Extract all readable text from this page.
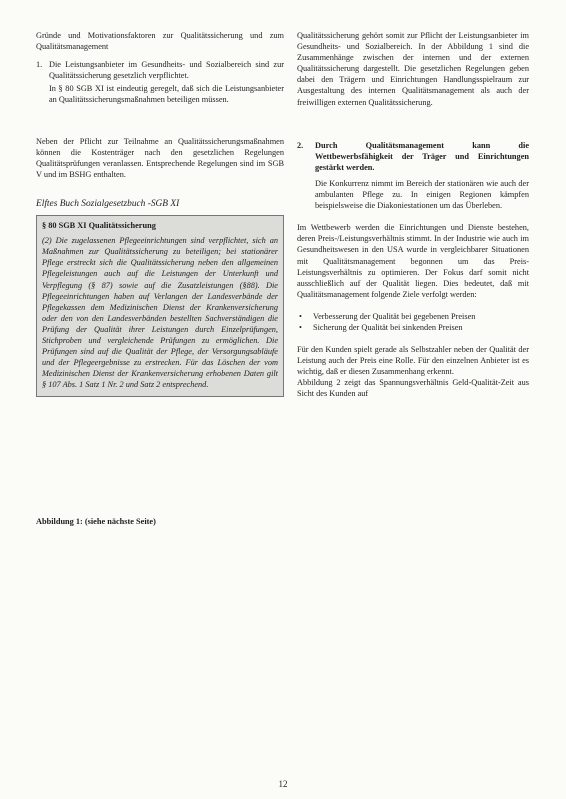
Gründe und Motivationsfaktoren zur Qualitätssicherung und zum Qualitätsmanagement

1. Die Leistungsanbieter im Gesundheits- und Sozialbereich sind zur Qualitätssicherung gesetzlich verpflichtet.

In § 80 SGB XI ist eindeutig geregelt, daß sich die Leistungsanbieter an Qualitätssicherungsmaßnahmen beteiligen müssen.

Neben der Pflicht zur Teilnahme an Qualitätssicherungsmaßnahmen können die Kostenträger nach den gesetzlichen Regelungen Qualitätsprüfungen veranlassen. Entsprechende Regelungen sind im SGB V und im BSHG enthalten.

Elftes Buch Sozialgesetzbuch -SGB XI
§ 80 SGB XI Qualitätssicherung

(2) Die zugelassenen Pflegeeinrichtungen sind verpflichtet, sich an Maßnahmen zur Qualitätssicherung zu beteiligen; bei stationärer Pflege erstreckt sich die Qualitätssicherung neben den allgemeinen Pflegeleistungen auch auf die Leistungen der Unterkunft und Verpflegung (§ 87) sowie auf die Zusatzleistungen (§88). Die Pflegeeinrichtungen haben auf Verlangen der Landesverbände der Pflegekassen dem Medizinischen Dienst der Krankenversicherung oder den von den Landesverbänden bestellten Sachverständigen die Prüfung der Qualität ihrer Leistungen durch Einzelprüfungen, Stichproben und vergleichende Prüfungen zu ermöglichen. Die Prüfungen sind auf die Qualität der Pflege, der Versorgungsabläufe und der Pflegeergebnisse zu erstrecken. Für das Löschen der vom Medizinischen Dienst der Krankenversicherung erhobenen Daten gilt § 107 Abs. 1 Satz 1 Nr. 2 und Satz 2 entsprechend.

Abbildung 1: (siehe nächste Seite)

Qualitätssicherung gehört somit zur Pflicht der Leistungsanbieter im Gesundheits- und Sozialbereich. In der Abbildung 1 sind die Zusammenhänge zwischen der internen und der externen Qualitätssicherung dargestellt. Die gesetzlichen Regelungen geben dabei den Trägern und Einrichtungen Handlungsspielraum zur Ausgestaltung des internen Qualitätsmanagement als auch der freiwilligen externen Qualitätssicherung.

2.	Durch Qualitätsmanagement kann die Wettbewerbsfähigkeit der Träger und Einrichtungen gestärkt werden.

Die Konkurrenz nimmt im Bereich der stationären wie auch der ambulanten Pflege zu. In einigen Regionen kämpfen beispielsweise die Diakoniestationen um das Überleben.

Im Wettbewerb werden die Einrichtungen und Dienste bestehen, deren Preis-/Leistungsverhältnis stimmt. In der Industrie wie auch im Gesundheitswesen in den USA wurde in vergleichbarer Situationen mit Qualitätsmanagement begonnen um das Preis-Leistungsverhältnis zu optimieren. Der Fokus darf somit nicht ausschließlich auf der Qualität liegen. Dies bedeutet, daß mit Qualitätsmanagement folgende Ziele verfolgt werden:

•	Verbesserung der Qualität bei gegebenen Preisen
•	Sicherung der Qualität bei sinkenden Preisen

Für den Kunden spielt gerade als Selbstzahler neben der Qualität der Leistung auch der Preis eine Rolle. Für den einzelnen Anbieter ist es wichtig, daß er diesen Zusammenhang erkennt.

Abbildung 2 zeigt das Spannungsverhältnis Geld-Qualität-Zeit aus Sicht des Kunden auf

12
